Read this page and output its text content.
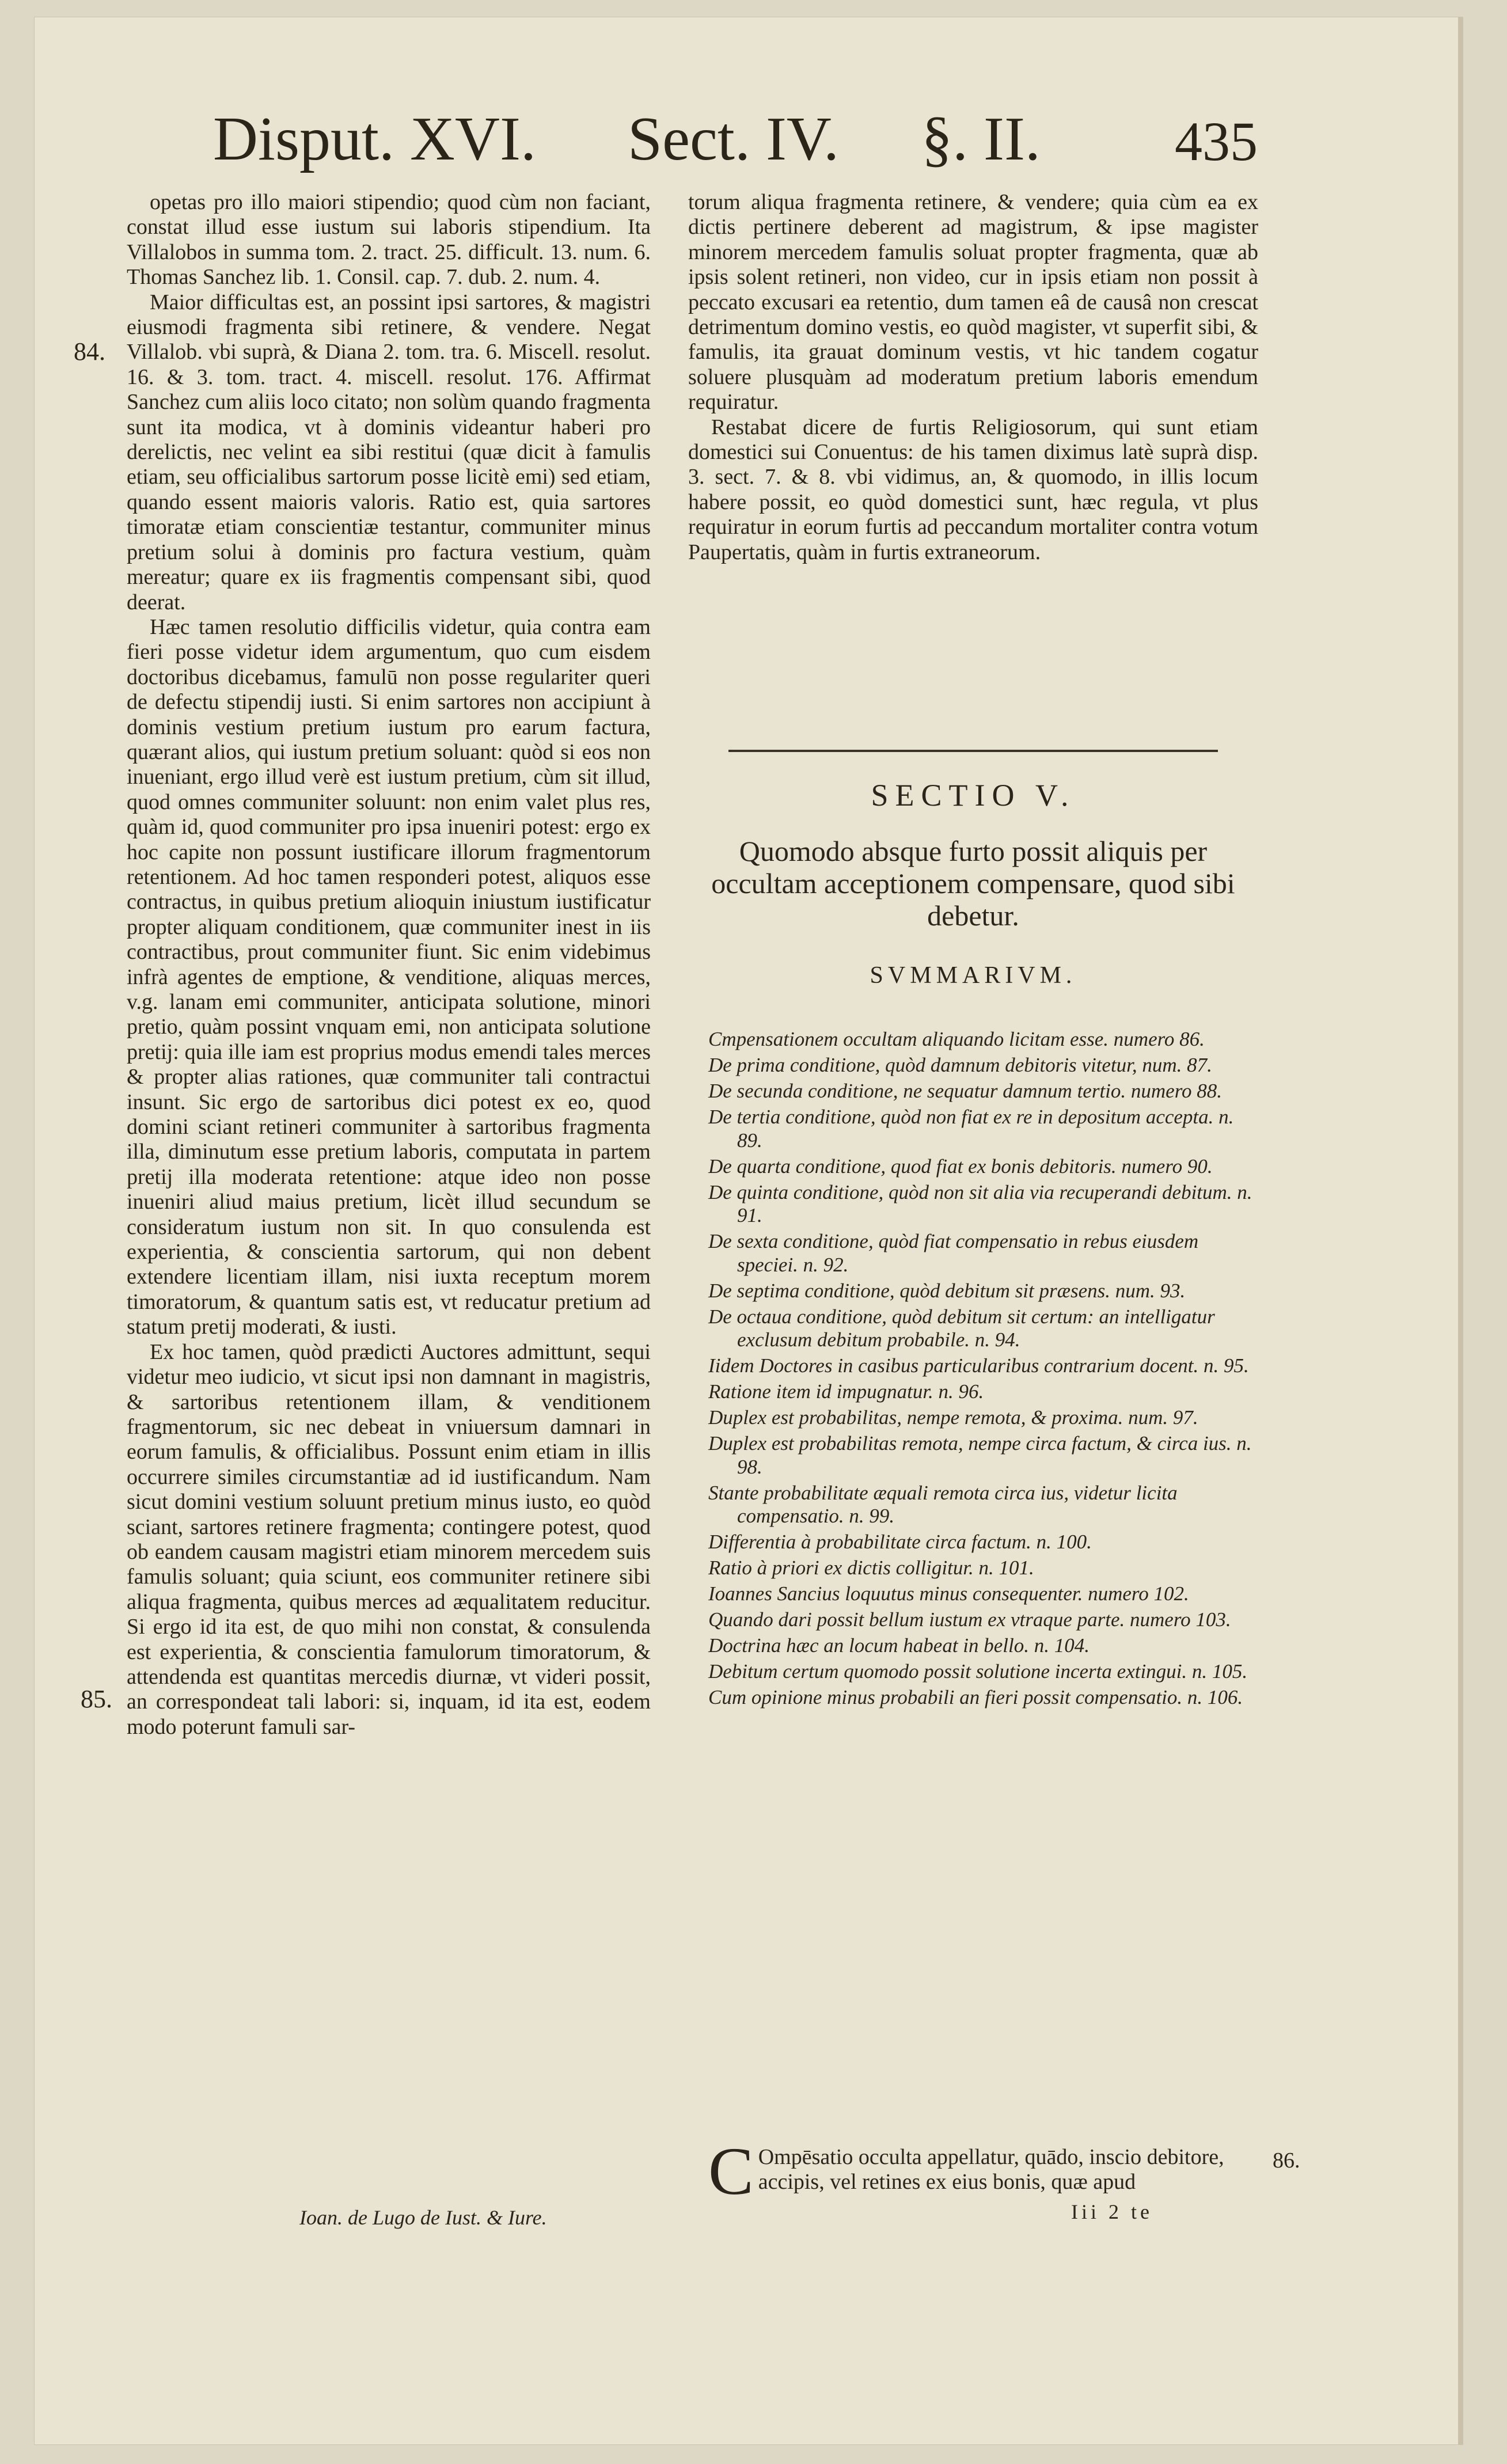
Disput. XVI. Sect. IV. §. II. 435

opetas pro illo maiori stipendio; quod cùm non faciant, constat illud esse iustum sui laboris stipendium. Ita Villalobos in summa tom. 2. tract. 25. difficult. 13. num. 6. Thomas Sanchez lib. 1. Consil. cap. 7. dub. 2. num. 4.

Maior difficultas est, an possint ipsi sartores, & magistri eiusmodi fragmenta sibi retinere, & vendere. Negat Villalob. vbi suprà, & Diana 2. tom. tra. 6. Miscell. resolut. 16. & 3. tom. tract. 4. miscell. resolut. 176. Affirmat Sanchez cum aliis loco citato; non solùm quando fragmenta sunt ita modica, vt à dominis videantur haberi pro derelictis, nec velint ea sibi restitui (quæ dicit à famulis etiam, seu officialibus sartorum posse licitè emi) sed etiam, quando essent maioris valoris. Ratio est, quia sartores timoratæ etiam conscientiæ testantur, communiter minus pretium solui à dominis pro factura vestium, quàm mereatur; quare ex iis fragmentis compensant sibi, quod deerat.

Hæc tamen resolutio difficilis videtur, quia contra eam fieri posse videtur idem argumentum, quo cum eisdem doctoribus dicebamus, famulū non posse regulariter queri de defectu stipendij iusti. Si enim sartores non accipiunt à dominis vestium pretium iustum pro earum factura, quærant alios, qui iustum pretium soluant: quòd si eos non inueniant, ergo illud verè est iustum pretium, cùm sit illud, quod omnes communiter soluunt: non enim valet plus res, quàm id, quod communiter pro ipsa inueniri potest: ergo ex hoc capite non possunt iustificare illorum fragmentorum retentionem. Ad hoc tamen responderi potest, aliquos esse contractus, in quibus pretium alioquin iniustum iustificatur propter aliquam conditionem, quæ communiter inest in iis contractibus, prout communiter fiunt. Sic enim videbimus infrà agentes de emptione, & venditione, aliquas merces, v.g. lanam emi communiter, anticipata solutione, minori pretio, quàm possint vnquam emi, non anticipata solutione pretij: quia ille iam est proprius modus emendi tales merces & propter alias rationes, quæ communiter tali contractui insunt. Sic ergo de sartoribus dici potest ex eo, quod domini sciant retineri communiter à sartoribus fragmenta illa, diminutum esse pretium laboris, computata in partem pretij illa moderata retentione: atque ideo non posse inueniri aliud maius pretium, licèt illud secundum se consideratum iustum non sit. In quo consulenda est experientia, & conscientia sartorum, qui non debent extendere licentiam illam, nisi iuxta receptum morem timoratorum, & quantum satis est, vt reducatur pretium ad statum pretij moderati, & iusti.

Ex hoc tamen, quòd prædicti Auctores admittunt, sequi videtur meo iudicio, vt sicut ipsi non damnant in magistris, & sartoribus retentionem illam, & venditionem fragmentorum, sic nec debeat in vniuersum damnari in eorum famulis, & officialibus. Possunt enim etiam in illis occurrere similes circumstantiæ ad id iustificandum. Nam sicut domini vestium soluunt pretium minus iusto, eo quòd sciant, sartores retinere fragmenta; contingere potest, quod ob eandem causam magistri etiam minorem mercedem suis famulis soluant; quia sciunt, eos communiter retinere sibi aliqua fragmenta, quibus merces ad æqualitatem reducitur. Si ergo id ita est, de quo mihi non constat, & consulenda est experientia, & conscientia famulorum timoratorum, & attendenda est quantitas mercedis diurnæ, vt videri possit, an correspondeat tali labori: si, inquam, id ita est, eodem modo poterunt famuli sar-

84.
85.
Ioan. de Lugo de Iust. & Iure.

torum aliqua fragmenta retinere, & vendere; quia cùm ea ex dictis pertinere deberent ad magistrum, & ipse magister minorem mercedem famulis soluat propter fragmenta, quæ ab ipsis solent retineri, non video, cur in ipsis etiam non possit à peccato excusari ea retentio, dum tamen eâ de causâ non crescat detrimentum domino vestis, eo quòd magister, vt superfit sibi, & famulis, ita grauat dominum vestis, vt hic tandem cogatur soluere plusquàm ad moderatum pretium laboris emendum requiratur.

Restabat dicere de furtis Religiosorum, qui sunt etiam domestici sui Conuentus: de his tamen diximus latè suprà disp. 3. sect. 7. & 8. vbi vidimus, an, & quomodo, in illis locum habere possit, eo quòd domestici sunt, hæc regula, vt plus requiratur in eorum furtis ad peccandum mortaliter contra votum Paupertatis, quàm in furtis extraneorum.

SECTIO V.
Quomodo absque furto possit aliquis per occultam acceptionem compensare, quod sibi debetur.
SVMMARIVM.
Cmpensationem occultam aliquando licitam esse. numero 86.
De prima conditione, quòd damnum debitoris vitetur, num. 87.
De secunda conditione, ne sequatur damnum tertio. numero 88.
De tertia conditione, quòd non fiat ex re in depositum accepta. n. 89.
De quarta conditione, quod fiat ex bonis debitoris. numero 90.
De quinta conditione, quòd non sit alia via recuperandi debitum. n. 91.
De sexta conditione, quòd fiat compensatio in rebus eiusdem speciei. n. 92.
De septima conditione, quòd debitum sit præsens. num. 93.
De octaua conditione, quòd debitum sit certum: an intelligatur exclusum debitum probabile. n. 94.
Iidem Doctores in casibus particularibus contrarium docent. n. 95.
Ratione item id impugnatur. n. 96.
Duplex est probabilitas, nempe remota, & proxima. num. 97.
Duplex est probabilitas remota, nempe circa factum, & circa ius. n. 98.
Stante probabilitate æquali remota circa ius, videtur licita compensatio. n. 99.
Differentia à probabilitate circa factum. n. 100.
Ratio à priori ex dictis colligitur. n. 101.
Ioannes Sancius loquutus minus consequenter. numero 102.
Quando dari possit bellum iustum ex vtraque parte. numero 103.
Doctrina hæc an locum habeat in bello. n. 104.
Debitum certum quomodo possit solutione incerta extingui. n. 105.
Cum opinione minus probabili an fieri possit compensatio. n. 106.
C Ompēsatio occulta appellatur, quādo, inscio debitore, accipis, vel retines ex eius bonis, quæ apud
86.
Iii 2 te
